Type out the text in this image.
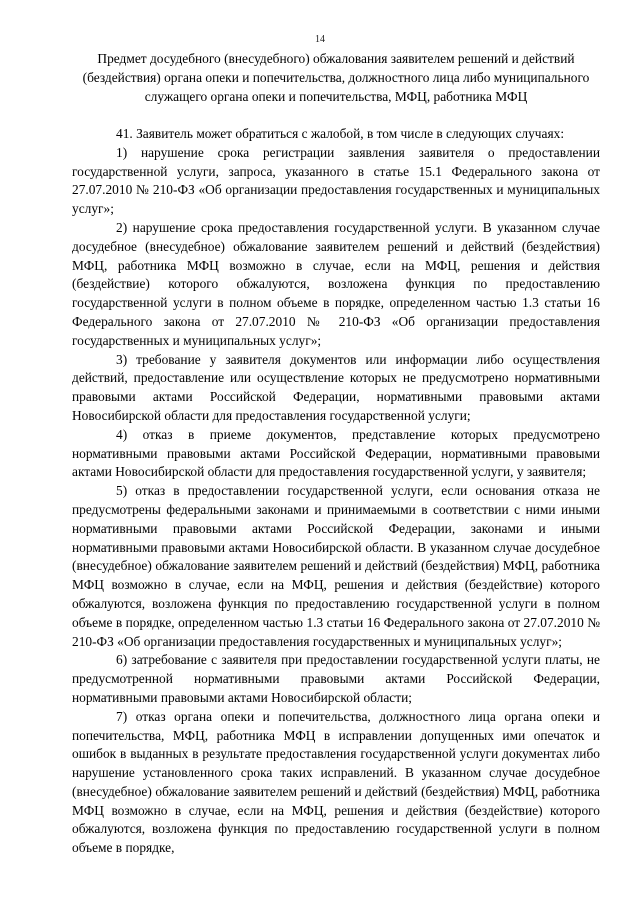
14
Предмет досудебного (внесудебного) обжалования заявителем решений и действий (бездействия) органа опеки и попечительства, должностного лица либо муниципального служащего органа опеки и попечительства, МФЦ, работника МФЦ

41. Заявитель может обратиться с жалобой, в том числе в следующих случаях:

1) нарушение срока регистрации заявления заявителя о предоставлении государственной услуги, запроса, указанного в статье 15.1 Федерального закона от 27.07.2010 № 210-ФЗ «Об организации предоставления государственных и муниципальных услуг»;

2) нарушение срока предоставления государственной услуги. В указанном случае досудебное (внесудебное) обжалование заявителем решений и действий (бездействия) МФЦ, работника МФЦ возможно в случае, если на МФЦ, решения и действия (бездействие) которого обжалуются, возложена функция по предоставлению государственной услуги в полном объеме в порядке, определенном частью 1.3 статьи 16 Федерального закона от 27.07.2010 № 210-ФЗ «Об организации предоставления государственных и муниципальных услуг»;

3) требование у заявителя документов или информации либо осуществления действий, предоставление или осуществление которых не предусмотрено нормативными правовыми актами Российской Федерации, нормативными правовыми актами Новосибирской области для предоставления государственной услуги;

4) отказ в приеме документов, представление которых предусмотрено нормативными правовыми актами Российской Федерации, нормативными правовыми актами Новосибирской области для предоставления государственной услуги, у заявителя;

5) отказ в предоставлении государственной услуги, если основания отказа не предусмотрены федеральными законами и принимаемыми в соответствии с ними иными нормативными правовыми актами Российской Федерации, законами и иными нормативными правовыми актами Новосибирской области. В указанном случае досудебное (внесудебное) обжалование заявителем решений и действий (бездействия) МФЦ, работника МФЦ возможно в случае, если на МФЦ, решения и действия (бездействие) которого обжалуются, возложена функция по предоставлению государственной услуги в полном объеме в порядке, определенном частью 1.3 статьи 16 Федерального закона от 27.07.2010 № 210-ФЗ «Об организации предоставления государственных и муниципальных услуг»;

6) затребование с заявителя при предоставлении государственной услуги платы, не предусмотренной нормативными правовыми актами Российской Федерации, нормативными правовыми актами Новосибирской области;

7) отказ органа опеки и попечительства, должностного лица органа опеки и попечительства, МФЦ, работника МФЦ в исправлении допущенных ими опечаток и ошибок в выданных в результате предоставления государственной услуги документах либо нарушение установленного срока таких исправлений. В указанном случае досудебное (внесудебное) обжалование заявителем решений и действий (бездействия) МФЦ, работника МФЦ возможно в случае, если на МФЦ, решения и действия (бездействие) которого обжалуются, возложена функция по предоставлению государственной услуги в полном объеме в порядке,
